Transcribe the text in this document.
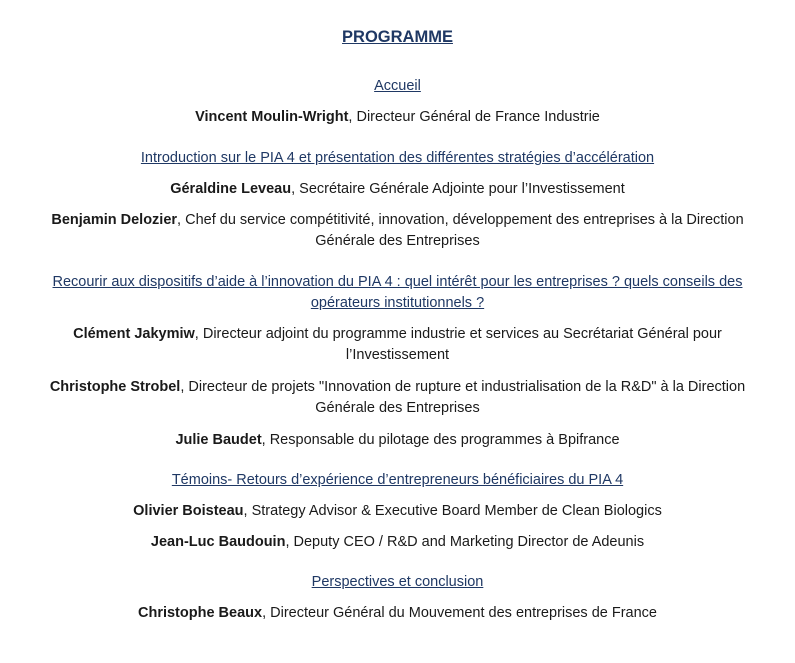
PROGRAMME
Accueil
Vincent Moulin-Wright, Directeur Général de France Industrie
Introduction sur le PIA 4 et présentation des différentes stratégies d’accélération
Géraldine Leveau, Secrétaire Générale Adjointe pour l’Investissement
Benjamin Delozier, Chef du service compétitivité, innovation, développement des entreprises à la Direction Générale des Entreprises
Recourir aux dispositifs d’aide à l’innovation du PIA 4 : quel intérêt pour les entreprises ? quels conseils des opérateurs institutionnels ?
Clément Jakymiw, Directeur adjoint du programme industrie et services au Secrétariat Général pour l’Investissement
Christophe Strobel, Directeur de projets "Innovation de rupture et industrialisation de la R&D" à la Direction Générale des Entreprises
Julie Baudet, Responsable du pilotage des programmes à Bpifrance
Témoins- Retours d’expérience d’entrepreneurs bénéficiaires du PIA 4
Olivier Boisteau, Strategy Advisor & Executive Board Member de Clean Biologics
Jean-Luc Baudouin, Deputy CEO / R&D and Marketing Director de Adeunis
Perspectives et conclusion
Christophe Beaux, Directeur Général du Mouvement des entreprises de France
